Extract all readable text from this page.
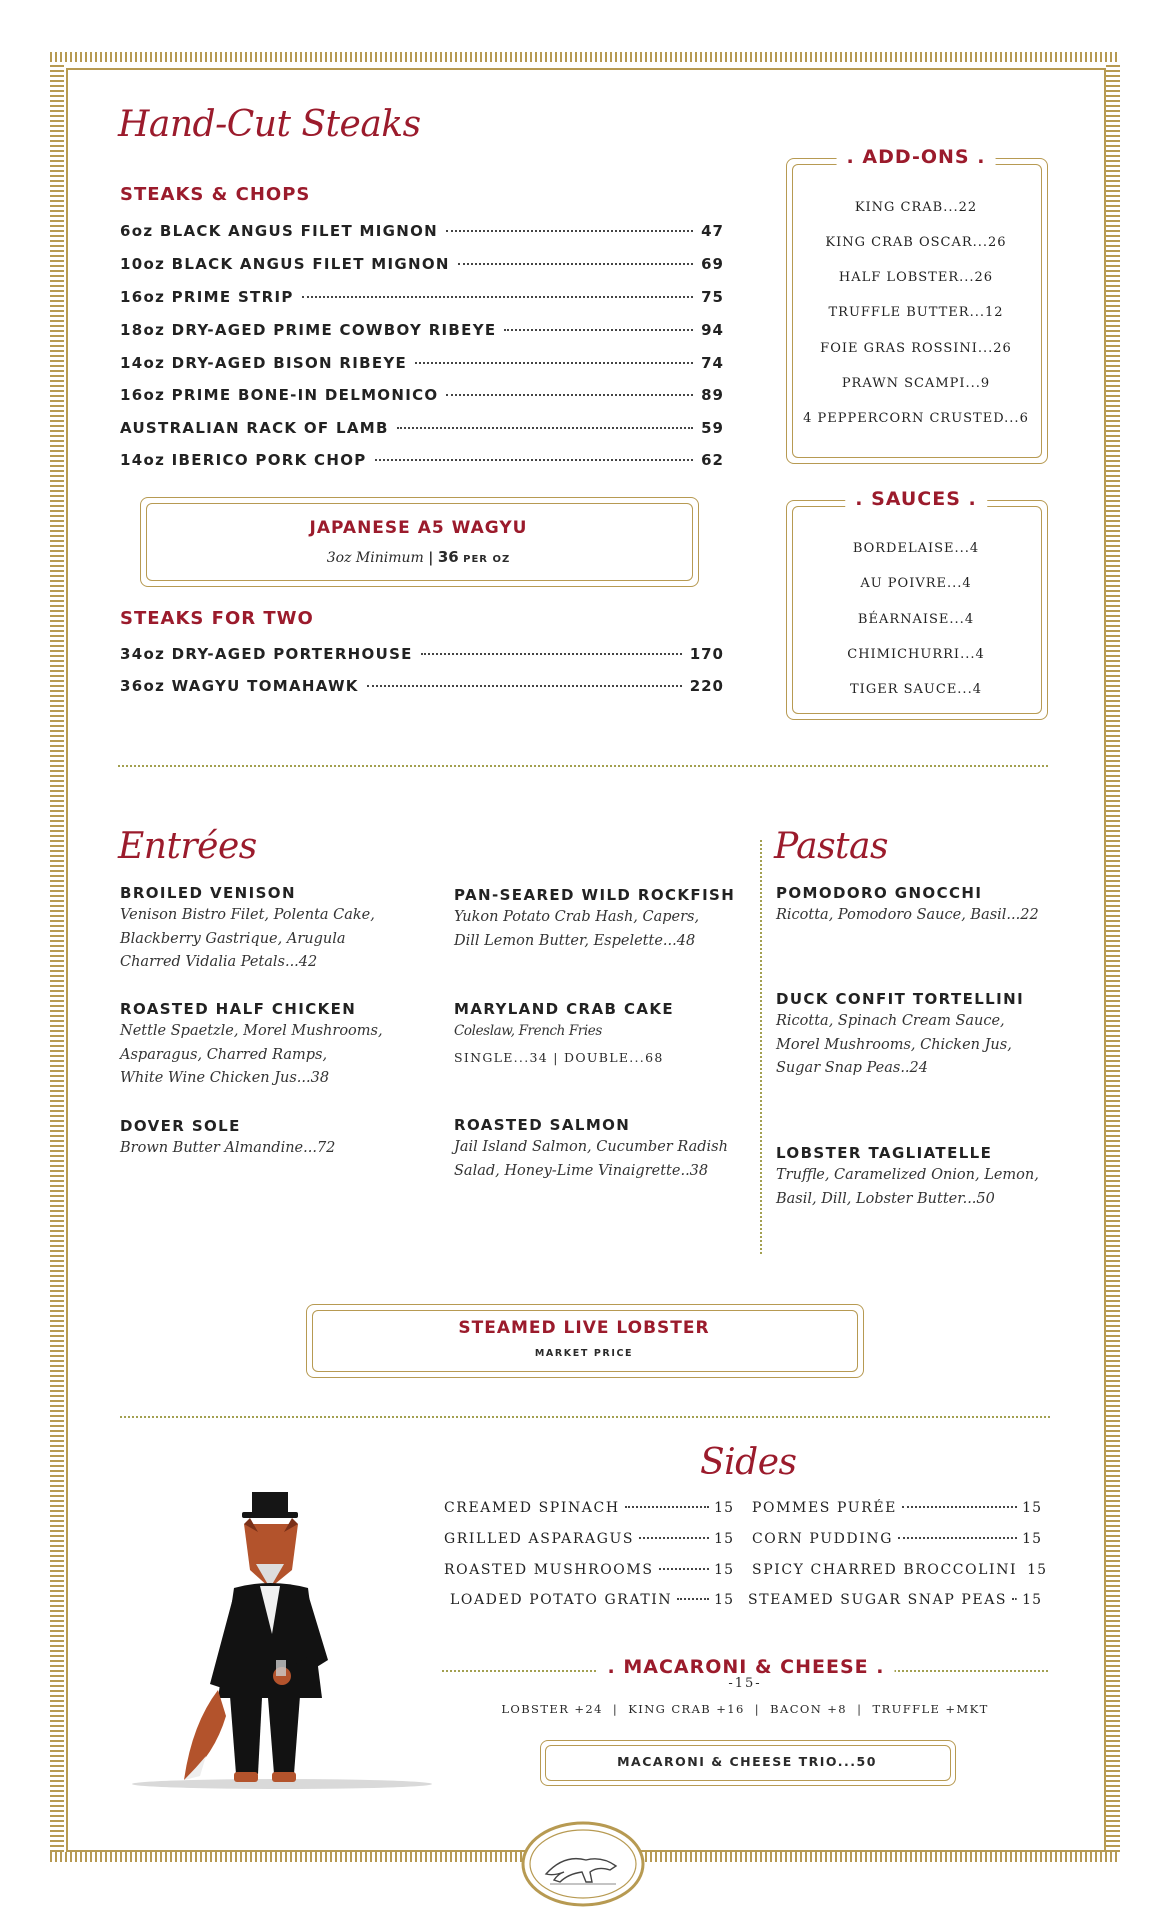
Hand-Cut Steaks
STEAKS & CHOPS
6oz BLACK ANGUS FILET MIGNON	47
10oz BLACK ANGUS FILET MIGNON	69
16oz PRIME STRIP	75
18oz DRY-AGED PRIME COWBOY RIBEYE	94
14oz DRY-AGED BISON RIBEYE	74
16oz PRIME BONE-IN DELMONICO	89
AUSTRALIAN RACK OF LAMB	59
14oz IBERICO PORK CHOP	62
JAPANESE A5 WAGYU
3oz Minimum | 36 PER OZ
STEAKS FOR TWO
34oz DRY-AGED PORTERHOUSE	170
36oz WAGYU TOMAHAWK	220
. ADD-ONS .
KING CRAB...22
KING CRAB OSCAR...26
HALF LOBSTER...26
TRUFFLE BUTTER...12
FOIE GRAS ROSSINI...26
PRAWN SCAMPI...9
4 PEPPERCORN CRUSTED...6
. SAUCES .
BORDELAISE...4
AU POIVRE...4
BÉARNAISE...4
CHIMICHURRI...4
TIGER SAUCE...4
Entrées
BROILED VENISON
Venison Bistro Filet, Polenta Cake,
Blackberry Gastrique, Arugula
Charred Vidalia Petals...42
ROASTED HALF CHICKEN
Nettle Spaetzle, Morel Mushrooms,
Asparagus, Charred Ramps,
White Wine Chicken Jus...38
DOVER SOLE
Brown Butter Almandine...72
PAN-SEARED WILD ROCKFISH
Yukon Potato Crab Hash, Capers,
Dill Lemon Butter, Espelette...48
MARYLAND CRAB CAKE
Coleslaw, French Fries
SINGLE...34 | DOUBLE...68
ROASTED SALMON
Jail Island Salmon, Cucumber Radish
Salad, Honey-Lime Vinaigrette..38
Pastas
POMODORO GNOCCHI
Ricotta, Pomodoro Sauce, Basil...22
DUCK CONFIT TORTELLINI
Ricotta, Spinach Cream Sauce,
Morel Mushrooms, Chicken Jus,
Sugar Snap Peas..24
LOBSTER TAGLIATELLE
Truffle, Caramelized Onion, Lemon,
Basil, Dill, Lobster Butter...50
STEAMED LIVE LOBSTER
MARKET PRICE
Sides
CREAMED SPINACH	15
GRILLED ASPARAGUS	15
ROASTED MUSHROOMS	15
LOADED POTATO GRATIN	15
POMMES PURÉE	15
CORN PUDDING	15
SPICY CHARRED BROCCOLINI 15
STEAMED SUGAR SNAP PEAS 15
. MACARONI & CHEESE .
-15-
LOBSTER +24  |  KING CRAB +16  |  BACON +8  |  TRUFFLE +MKT
MACARONI & CHEESE TRIO...50
